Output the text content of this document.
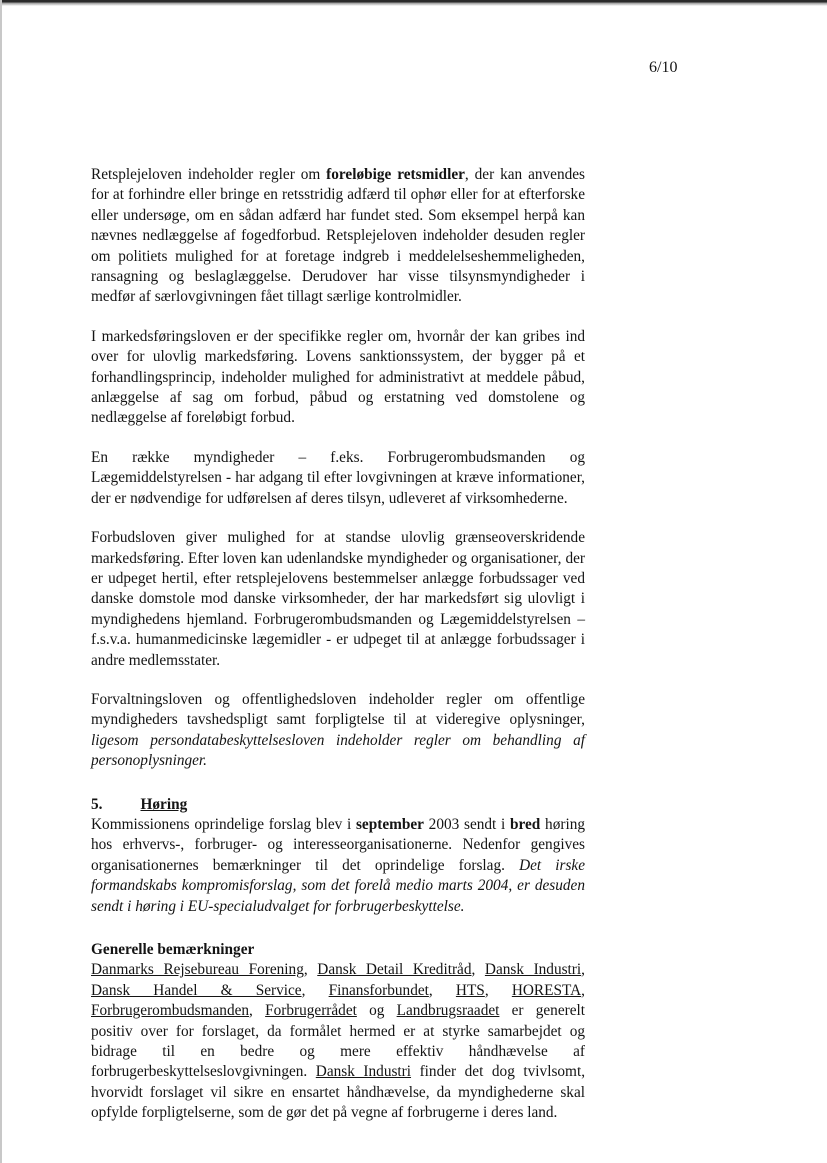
6/10

Retsplejeloven indeholder regler om foreløbige retsmidler, der kan anvendes for at forhindre eller bringe en retsstridig adfærd til ophør eller for at efterforske eller undersøge, om en sådan adfærd har fundet sted. Som eksempel herpå kan nævnes nedlæggelse af fogedforbud. Retsplejeloven indeholder desuden regler om politiets mulighed for at foretage indgreb i meddelelseshemmeligheden, ransagning og beslaglæggelse. Derudover har visse tilsynsmyndigheder i medfør af særlovgivningen fået tillagt særlige kontrolmidler.

I markedsføringsloven er der specifikke regler om, hvornår der kan gribes ind over for ulovlig markedsføring. Lovens sanktionssystem, der bygger på et forhandlingsprincip, indeholder mulighed for administrativt at meddele påbud, anlæggelse af sag om forbud, påbud og erstatning ved domstolene og nedlæggelse af foreløbigt forbud.

En række myndigheder – f.eks. Forbrugerombudsmanden og Lægemiddelstyrelsen - har adgang til efter lovgivningen at kræve informationer, der er nødvendige for udførelsen af deres tilsyn, udleveret af virksomhederne.

Forbudsloven giver mulighed for at standse ulovlig grænseoverskridende markedsføring. Efter loven kan udenlandske myndigheder og organisationer, der er udpeget hertil, efter retsplejelovens bestemmelser anlægge forbudssager ved danske domstole mod danske virksomheder, der har markedsført sig ulovligt i myndighedens hjemland. Forbrugerombudsmanden og Lægemiddelstyrelsen – f.s.v.a. humanmedicinske lægemidler - er udpeget til at anlægge forbudssager i andre medlemsstater.

Forvaltningsloven og offentlighedsloven indeholder regler om offentlige myndigheders tavshedspligt samt forpligtelse til at videregive oplysninger, ligesom persondatabeskyttelsesloven indeholder regler om behandling af personoplysninger.

5. Høring

Kommissionens oprindelige forslag blev i september 2003 sendt i bred høring hos erhvervs-, forbruger- og interesseorganisationerne. Nedenfor gengives organisationernes bemærkninger til det oprindelige forslag. Det irske formandskabs kompromisforslag, som det forelå medio marts 2004, er desuden sendt i høring i EU-specialudvalget for forbrugerbeskyttelse.

Generelle bemærkninger

Danmarks Rejsebureau Forening, Dansk Detail Kreditråd, Dansk Industri, Dansk Handel & Service, Finansforbundet, HTS, HORESTA, Forbrugerombudsmanden, Forbrugerrådet og Landbrugsraadet er generelt positiv over for forslaget, da formålet hermed er at styrke samarbejdet og bidrage til en bedre og mere effektiv håndhævelse af forbrugerbeskyttelseslovgivningen. Dansk Industri finder det dog tvivlsomt, hvorvidt forslaget vil sikre en ensartet håndhævelse, da myndighederne skal opfylde forpligtelserne, som de gør det på vegne af forbrugerne i deres land.
